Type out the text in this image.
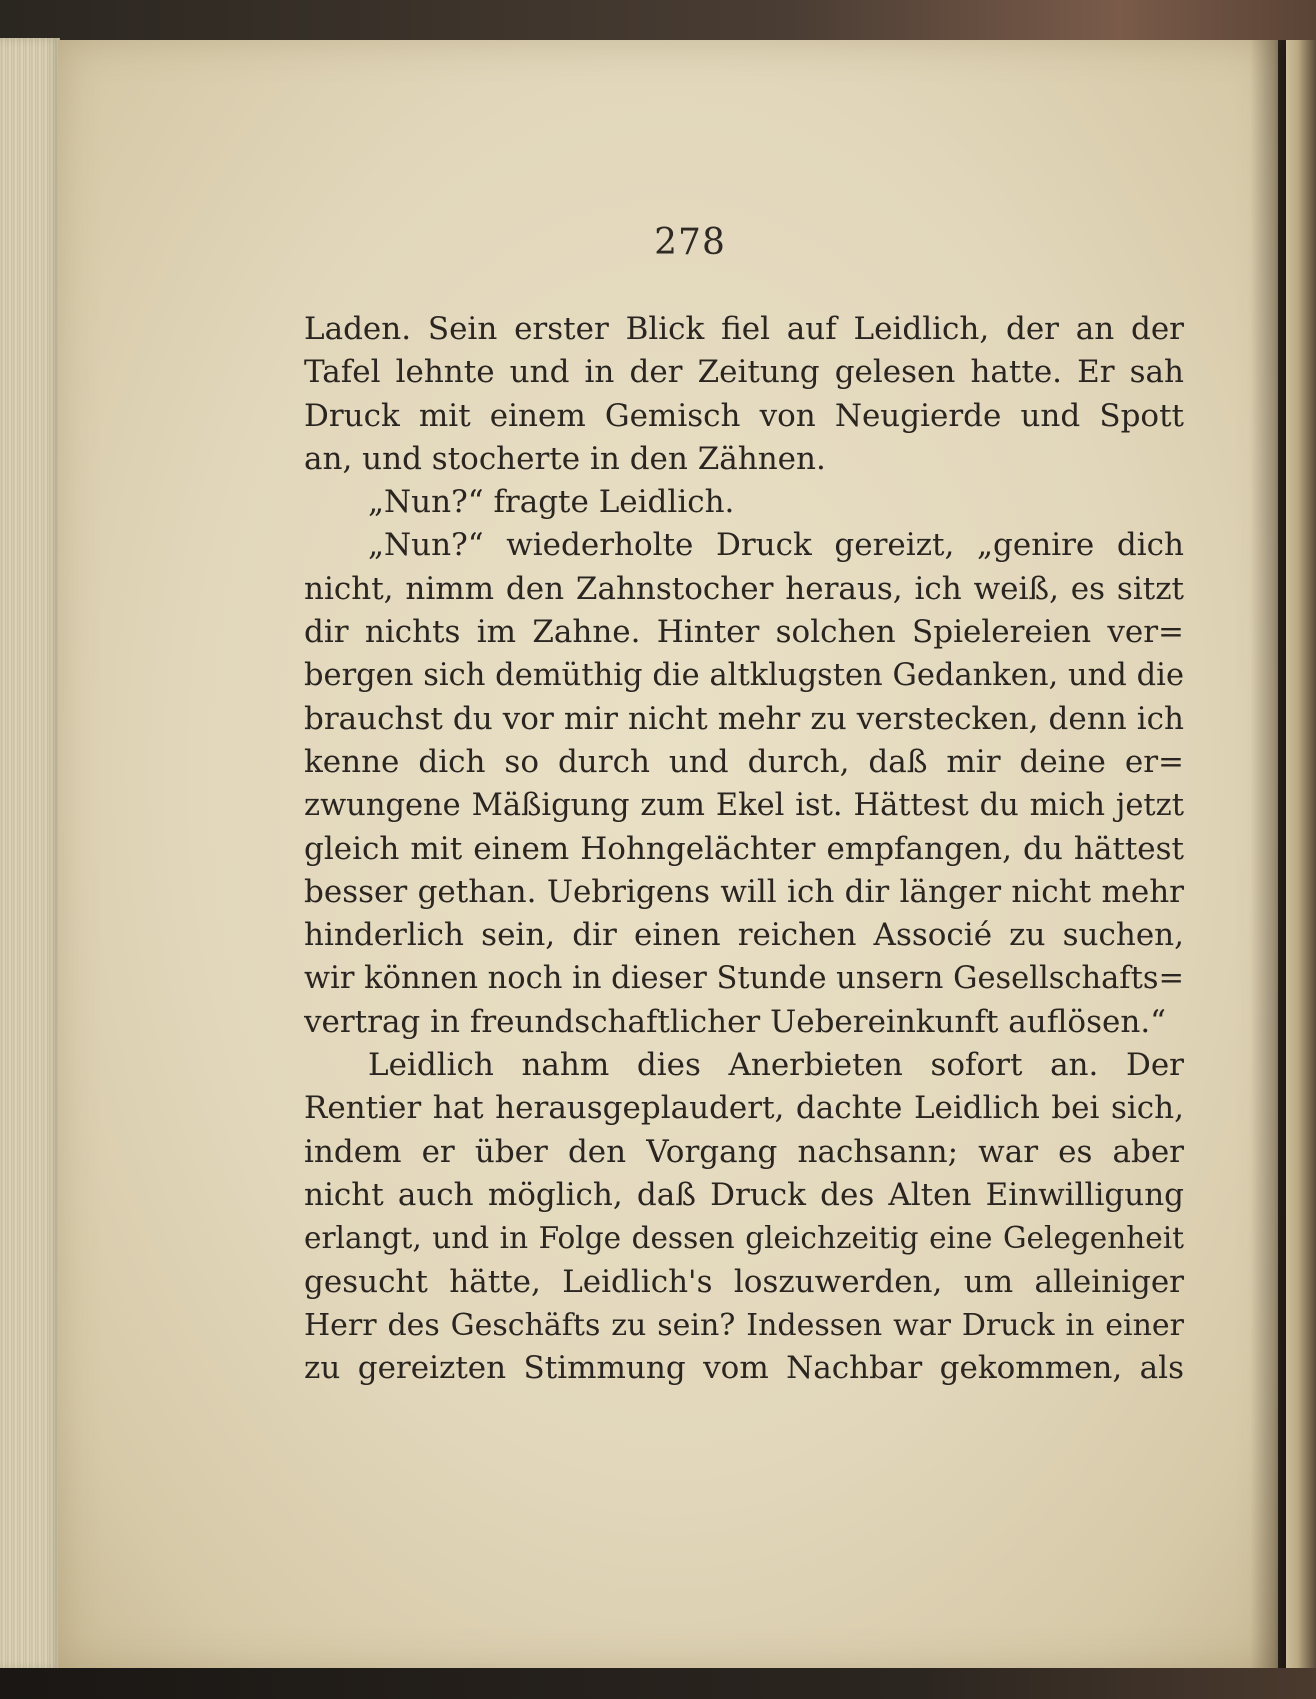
278
Laden. Sein erster Blick fiel auf Leidlich, der an der
Tafel lehnte und in der Zeitung gelesen hatte. Er sah
Druck mit einem Gemisch von Neugierde und Spott
an, und stocherte in den Zähnen.
„Nun?“ fragte Leidlich.
„Nun?“ wiederholte Druck gereizt, „genire dich
nicht, nimm den Zahnstocher heraus, ich weiß, es sitzt
dir nichts im Zahne. Hinter solchen Spielereien ver=
bergen sich demüthig die altklugsten Gedanken, und die
brauchst du vor mir nicht mehr zu verstecken, denn ich
kenne dich so durch und durch, daß mir deine er=
zwungene Mäßigung zum Ekel ist. Hättest du mich jetzt
gleich mit einem Hohngelächter empfangen, du hättest
besser gethan. Uebrigens will ich dir länger nicht mehr
hinderlich sein, dir einen reichen Associé zu suchen,
wir können noch in dieser Stunde unsern Gesellschafts=
vertrag in freundschaftlicher Uebereinkunft auflösen.“
Leidlich nahm dies Anerbieten sofort an. Der
Rentier hat herausgeplaudert, dachte Leidlich bei sich,
indem er über den Vorgang nachsann; war es aber
nicht auch möglich, daß Druck des Alten Einwilligung
erlangt, und in Folge dessen gleichzeitig eine Gelegenheit
gesucht hätte, Leidlich's loszuwerden, um alleiniger
Herr des Geschäfts zu sein? Indessen war Druck in einer
zu gereizten Stimmung vom Nachbar gekommen, als
